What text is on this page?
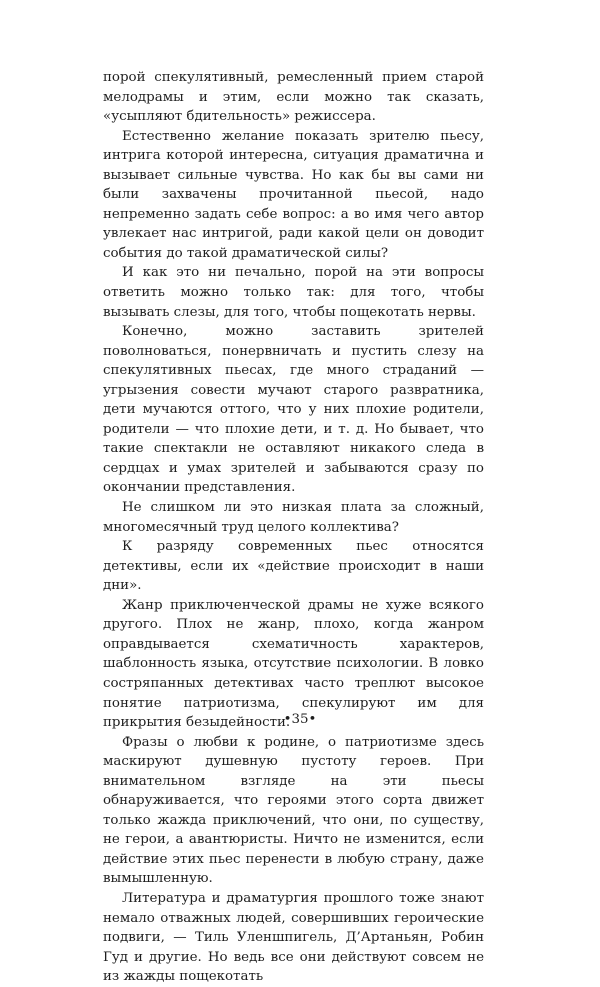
порой спекулятивный, ремесленный прием старой мелодрамы и этим, если можно так сказать, «усыпляют бдительность» режиссера.

Естественно желание показать зрителю пьесу, интрига которой интересна, ситуация драматична и вызывает сильные чувства. Но как бы вы сами ни были захвачены прочитанной пьесой, надо непременно задать себе вопрос: а во имя чего автор увлекает нас интригой, ради какой цели он доводит события до такой драматической силы?

И как это ни печально, порой на эти вопросы ответить можно только так: для того, чтобы вызывать слезы, для того, чтобы пощекотать нервы.

Конечно, можно заставить зрителей поволноваться, понервничать и пустить слезу на спекулятивных пьесах, где много страданий — угрызения совести мучают старого развратника, дети мучаются оттого, что у них плохие родители, родители — что плохие дети, и т. д. Но бывает, что такие спектакли не оставляют никакого следа в сердцах и умах зрителей и забываются сразу по окончании представления.

Не слишком ли это низкая плата за сложный, многомесячный труд целого коллектива?

К разряду современных пьес относятся детективы, если их «действие происходит в наши дни».

Жанр приключенческой драмы не хуже всякого другого. Плох не жанр, плохо, когда жанром оправдывается схематичность характеров, шаблонность языка, отсутствие психологии. В ловко состряпанных детективах часто треплют высокое понятие патриотизма, спекулируют им для прикрытия безыдейности.

Фразы о любви к родине, о патриотизме здесь маскируют душевную пустоту героев. При внимательном взгляде на эти пьесы обнаруживается, что героями этого сорта движет только жажда приключений, что они, по существу, не герои, а авантюристы. Ничто не изменится, если действие этих пьес перенести в любую страну, даже вымышленную.

Литература и драматургия прошлого тоже знают немало отважных людей, совершивших героические подвиги, — Тиль Уленшпигель, Д’Артаньян, Робин Гуд и другие. Но ведь все они действуют совсем не из жажды пощекотать

•35•
